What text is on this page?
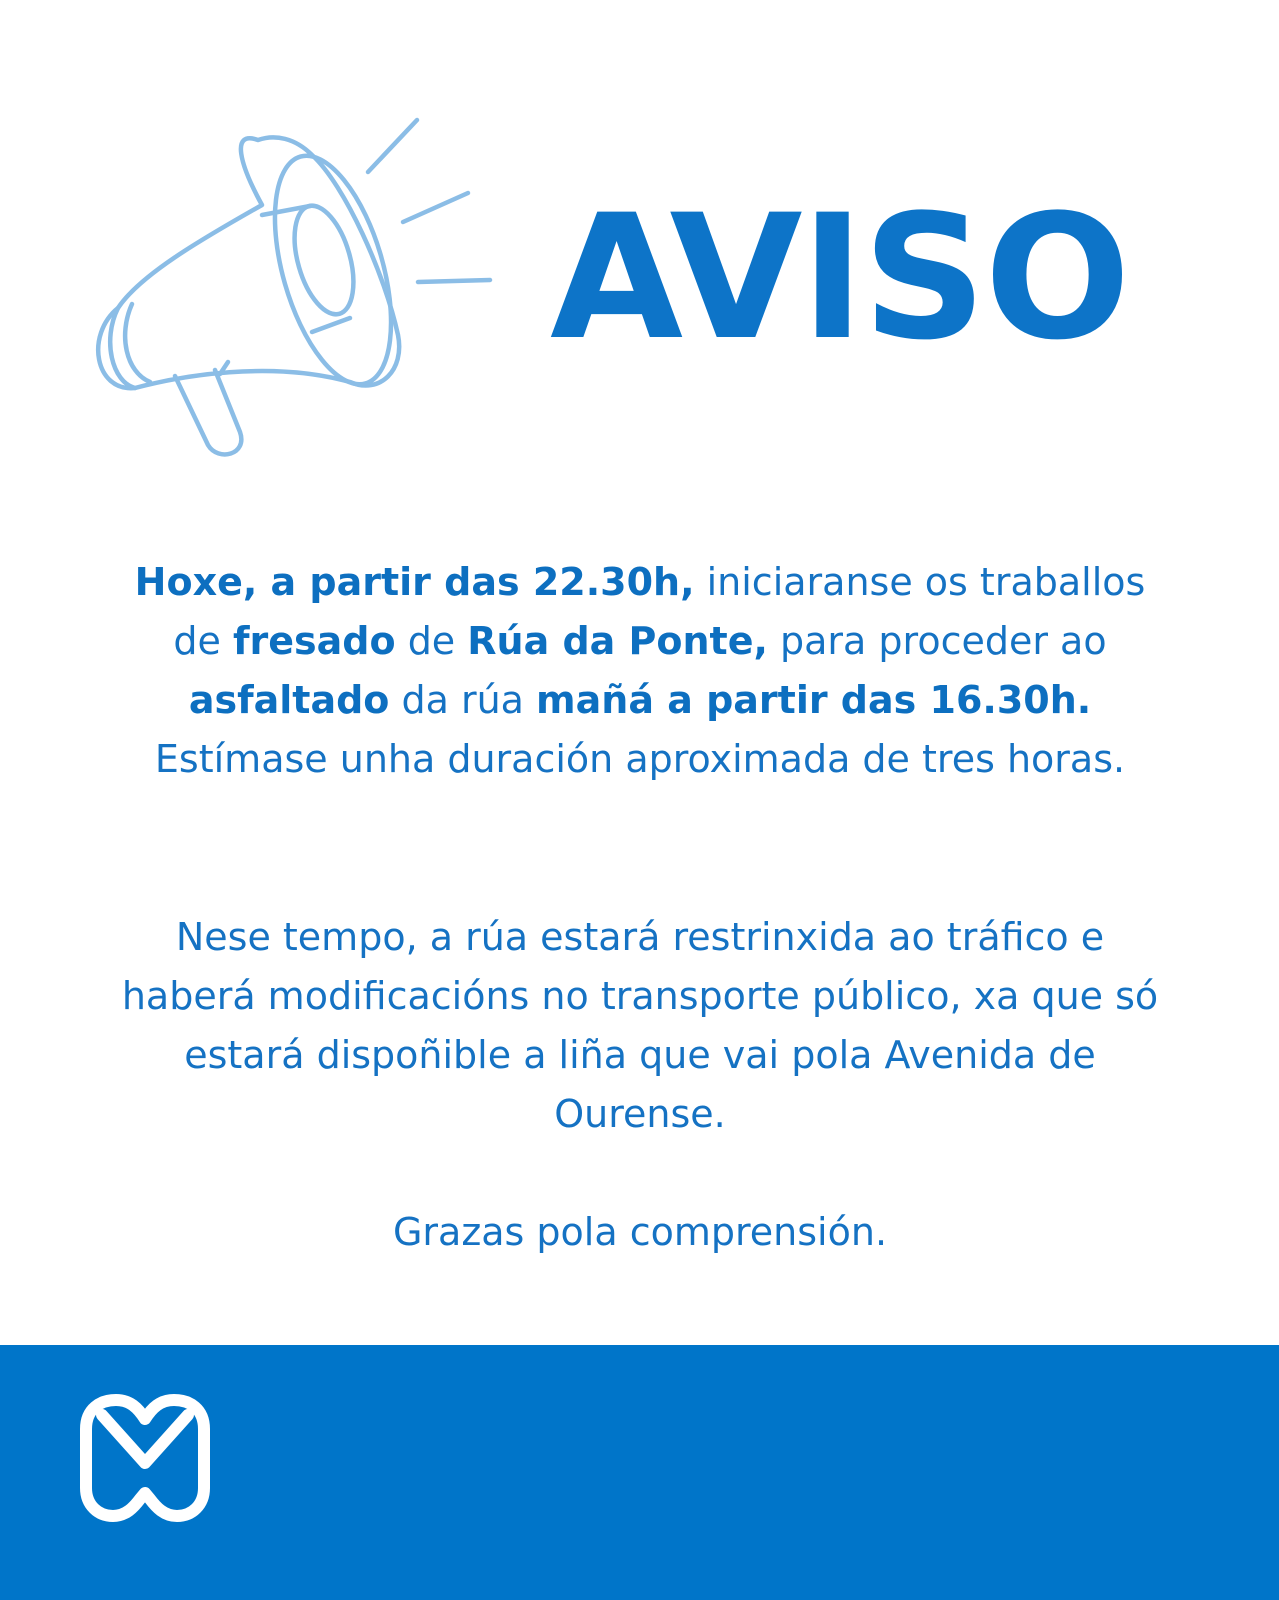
AVISO

Hoxe, a partir das 22.30h, iniciaranse os traballos de fresado de Rúa da Ponte, para proceder ao asfaltado da rúa mañá a partir das 16.30h. Estímase unha duración aproximada de tres horas.

Nese tempo, a rúa estará restrinxida ao tráfico e haberá modificacións no transporte público, xa que só estará dispoñible a liña que vai pola Avenida de Ourense.

Grazas pola comprensión.
